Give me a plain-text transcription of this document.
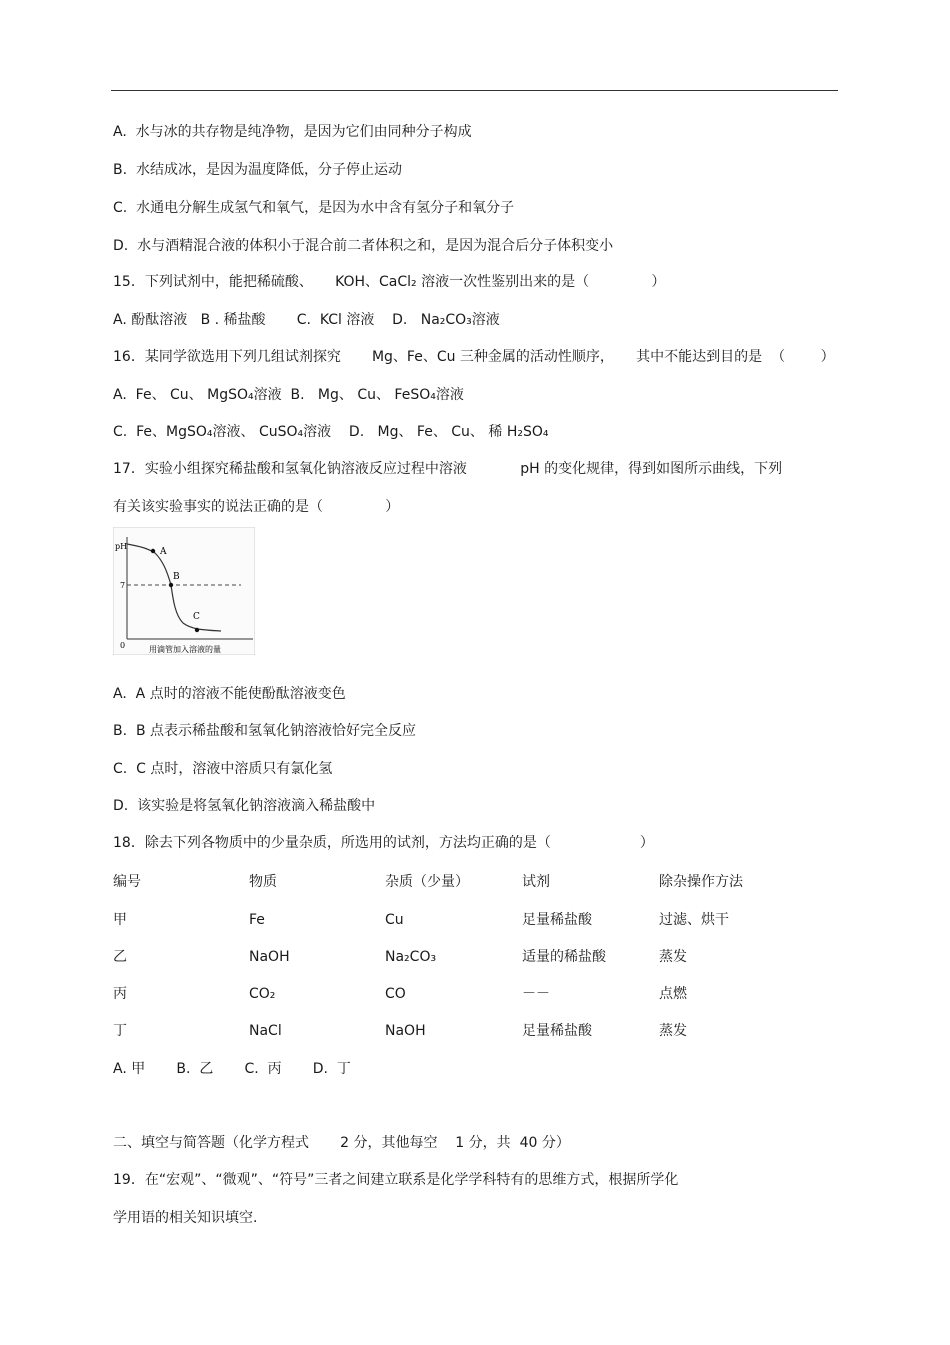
A.  水与冰的共存物是纯净物，是因为它们由同种分子构成
B.  水结成冰，是因为温度降低，分子停止运动
C.  水通电分解生成氢气和氧气，是因为水中含有氢分子和氧分子
D.  水与酒精混合液的体积小于混合前二者体积之和，是因为混合后分子体积变小
15．下列试剂中，能把稀硫酸、     KOH、CaCl₂ 溶液一次性鉴别出来的是（              ）
A. 酚酞溶液   B . 稀盐酸       C.  KCl 溶液    D.   Na₂CO₃溶液
16．某同学欲选用下列几组试剂探究       Mg、Fe、Cu 三种金属的活动性顺序，     其中不能达到目的是  （        ）
A.  Fe、 Cu、 MgSO₄溶液  B.   Mg、 Cu、 FeSO₄溶液
C.  Fe、MgSO₄溶液、 CuSO₄溶液    D.   Mg、 Fe、 Cu、 稀 H₂SO₄
17．实验小组探究稀盐酸和氢氧化钠溶液反应过程中溶液            pH 的变化规律，得到如图所示曲线，下列
有关该实验事实的说法正确的是（              ）
pH
7
0	用滴管加入溶液的量
A
B
C
A.  A 点时的溶液不能使酚酞溶液变色
B.  B 点表示稀盐酸和氢氧化钠溶液恰好完全反应
C.  C 点时，溶液中溶质只有氯化氢
D.  该实验是将氢氧化钠溶液滴入稀盐酸中
18．除去下列各物质中的少量杂质，所选用的试剂，方法均正确的是（                    ）
编号	物质	杂质（少量）	试剂	除杂操作方法
甲	Fe	Cu	足量稀盐酸	过滤、烘干
乙	NaOH	Na₂CO₃	适量的稀盐酸	蒸发
丙	CO₂	CO	－－	点燃
丁	NaCl	NaOH	足量稀盐酸	蒸发
A. 甲       B.  乙       C.  丙       D.  丁
二、填空与简答题（化学方程式       2 分，其他每空    1 分，共  40 分）
19．在“宏观”、“微观”、“符号”三者之间建立联系是化学学科特有的思维方式，根据所学化
学用语的相关知识填空.
